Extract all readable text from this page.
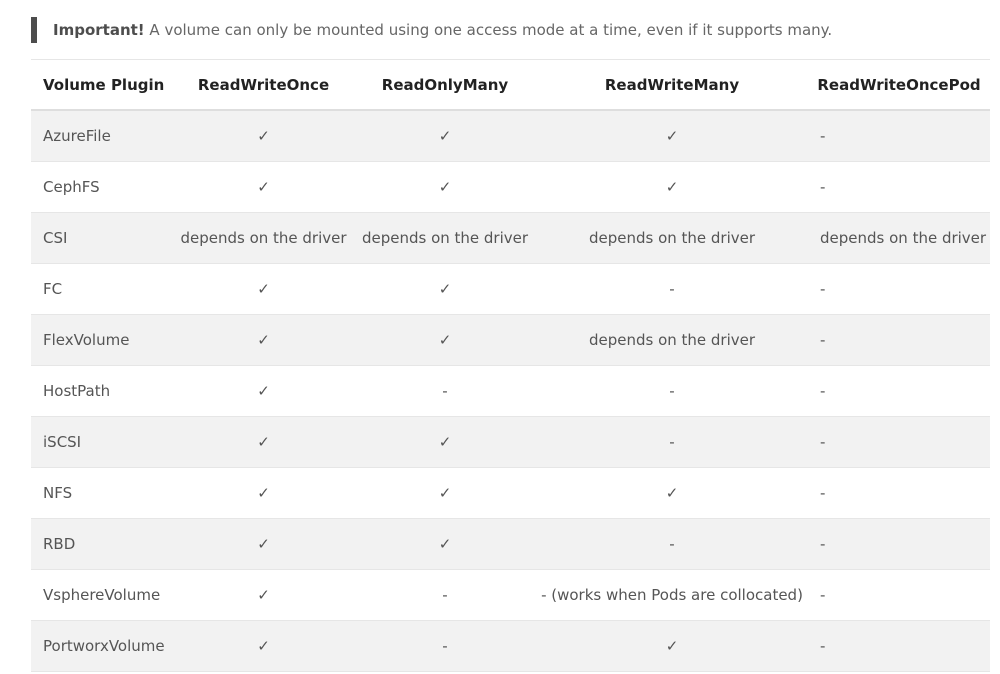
Important! A volume can only be mounted using one access mode at a time, even if it supports many.
Volume Plugin	ReadWriteOnce	ReadOnlyMany	ReadWriteMany	ReadWriteOncePod
AzureFile	✓	✓	✓	-
CephFS	✓	✓	✓	-
CSI	depends on the driver	depends on the driver	depends on the driver	depends on the driver
FC	✓	✓	-	-
FlexVolume	✓	✓	depends on the driver	-
HostPath	✓	-	-	-
iSCSI	✓	✓	-	-
NFS	✓	✓	✓	-
RBD	✓	✓	-	-
VsphereVolume	✓	-	- (works when Pods are collocated)	-
PortworxVolume	✓	-	✓	-
